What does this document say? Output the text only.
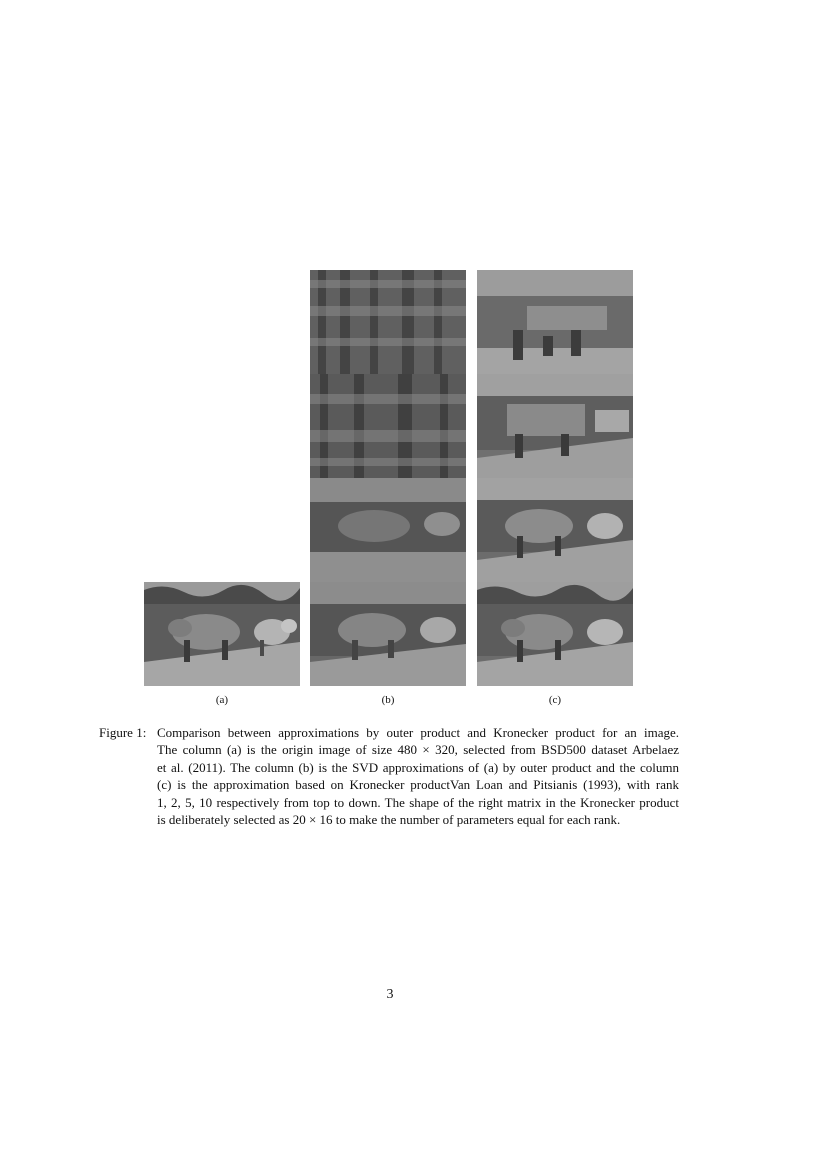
(a)	(b)	(c)
Figure 1: Comparison between approximations by outer product and Kronecker product for an image.
The column (a) is the origin image of size 480 × 320, selected from BSD500 dataset Arbelaez
et al. (2011). The column (b) is the SVD approximations of (a) by outer product and the column
(c) is the approximation based on Kronecker productVan Loan and Pitsianis (1993), with rank
1, 2, 5, 10 respectively from top to down. The shape of the right matrix in the Kronecker product
is deliberately selected as 20 × 16 to make the number of parameters equal for each rank.
3
